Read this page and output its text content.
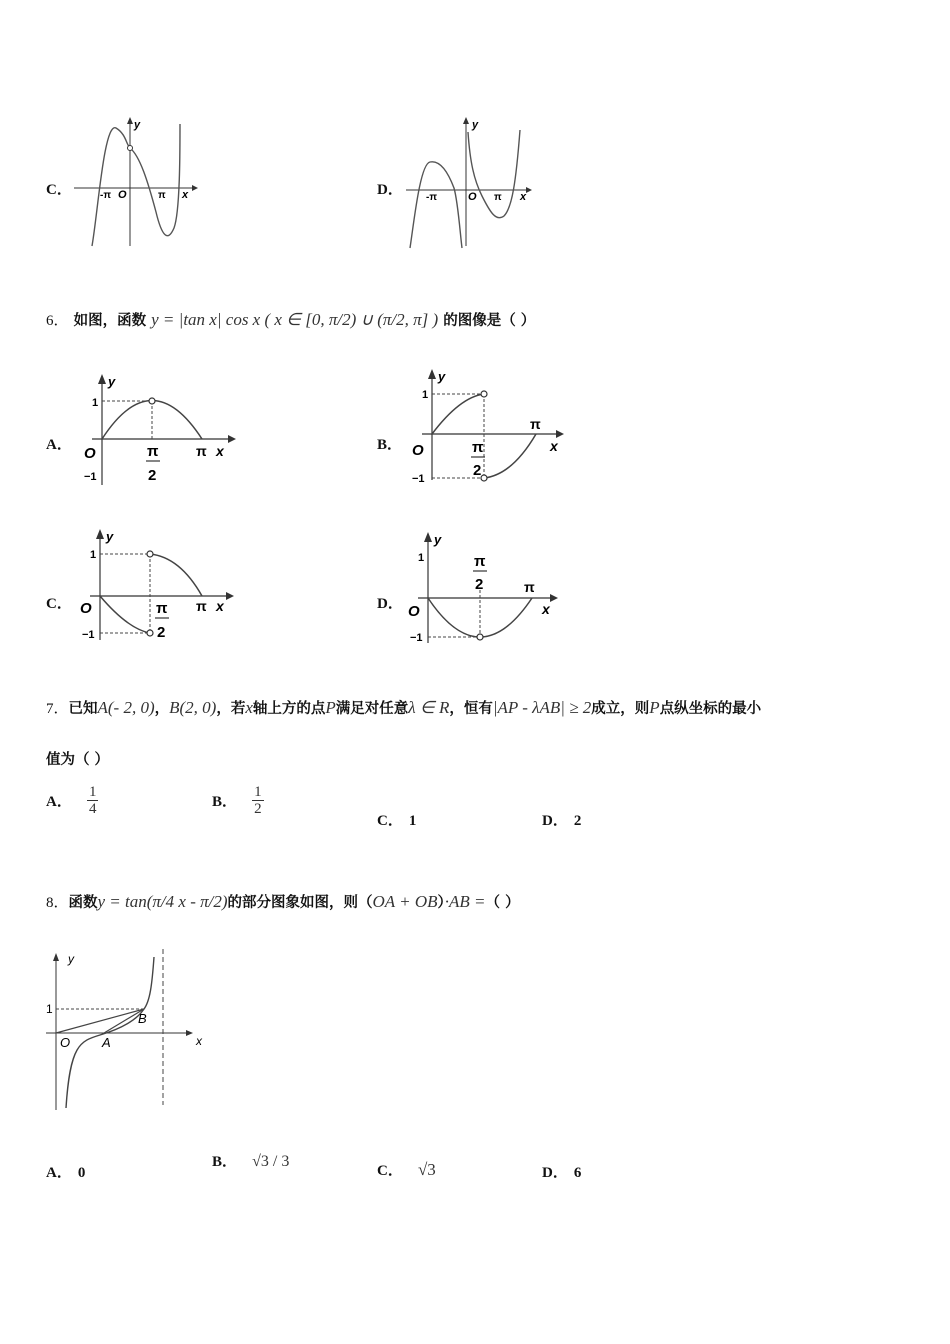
C．
y
x
O
-π	π	D．
y
x
O
-π	π
6． 如图，函数 y = |tan x| cos x ( x ∈ [0, π/2) ∪ (π/2, π] ) 的图像是（ ）
A．
y
1
−1
O	π
2
π x	B．
y
1
−1
O	π
2
π
x
C．
y
1
−1
O	π
2
π x	D．
y
1
−1
O
π
2	π
x
7．已知A(- 2, 0)，B(2, 0)，若x轴上方的点P满足对任意λ ∈ R，恒有|AP - λAB| ≥ 2成立，则P点纵坐标的最小
值为（ ）
A． $\frac{1}{4}$	B． $\frac{1}{2}$
C． 1	D． 2
8．函数y = tan(π/4 x - π/2)的部分图象如图，则（OA + OB）·AB =（ ）
y
x
1
O A
B
A． 0
B． √3 / 3
C． √3	D． 6
